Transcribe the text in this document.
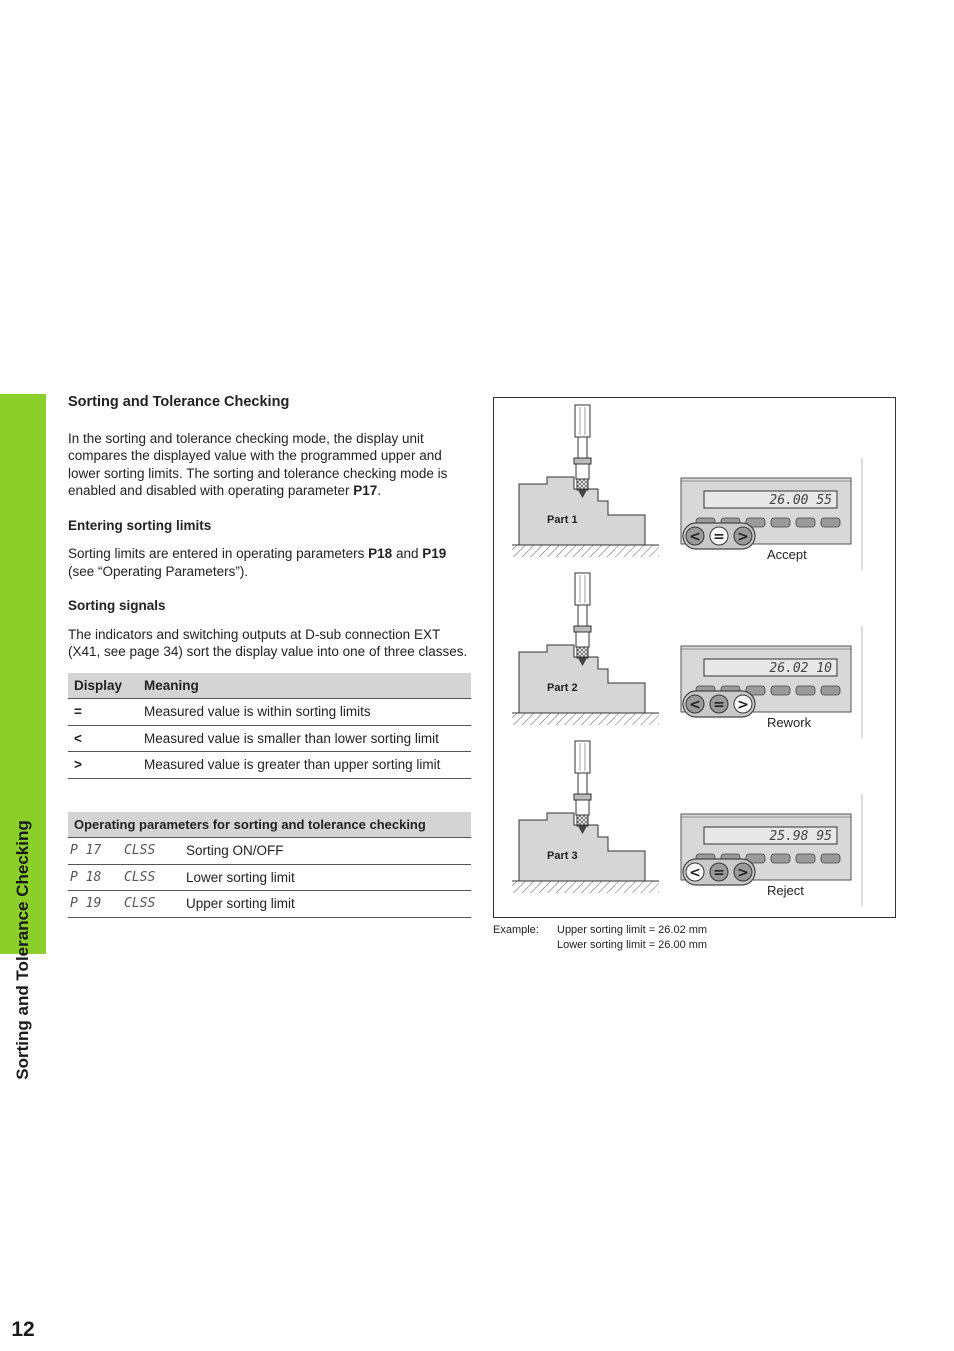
Sorting and Tolerance Checking
12
Sorting and Tolerance Checking

In the sorting and tolerance checking mode, the display unit compares the displayed value with the programmed upper and lower sorting limits. The sorting and tolerance checking mode is enabled and disabled with operating parameter P17.

Entering sorting limits

Sorting limits are entered in operating parameters P18 and P19 (see “Operating Parameters”).

Sorting signals

The indicators and switching outputs at D-sub connection EXT (X41, see page 34) sort the display value into one of three classes.

Display	Meaning
=	Measured value is within sorting limits
<	Measured value is smaller than lower sorting limit
>	Measured value is greater than upper sorting limit
Operating parameters for sorting and tolerance checking		
P 17	CLSS	Sorting ON/OFF
P 18	CLSS	Lower sorting limit
P 19	CLSS	Upper sorting limit
Part 1
26.00 55
< = >
Accept
Part 2
26.02 10
< = >
Rework
Part 3
25.98 95
< = >
Reject
Example: Upper sorting limit = 26.02 mm
Lower sorting limit = 26.00 mm
